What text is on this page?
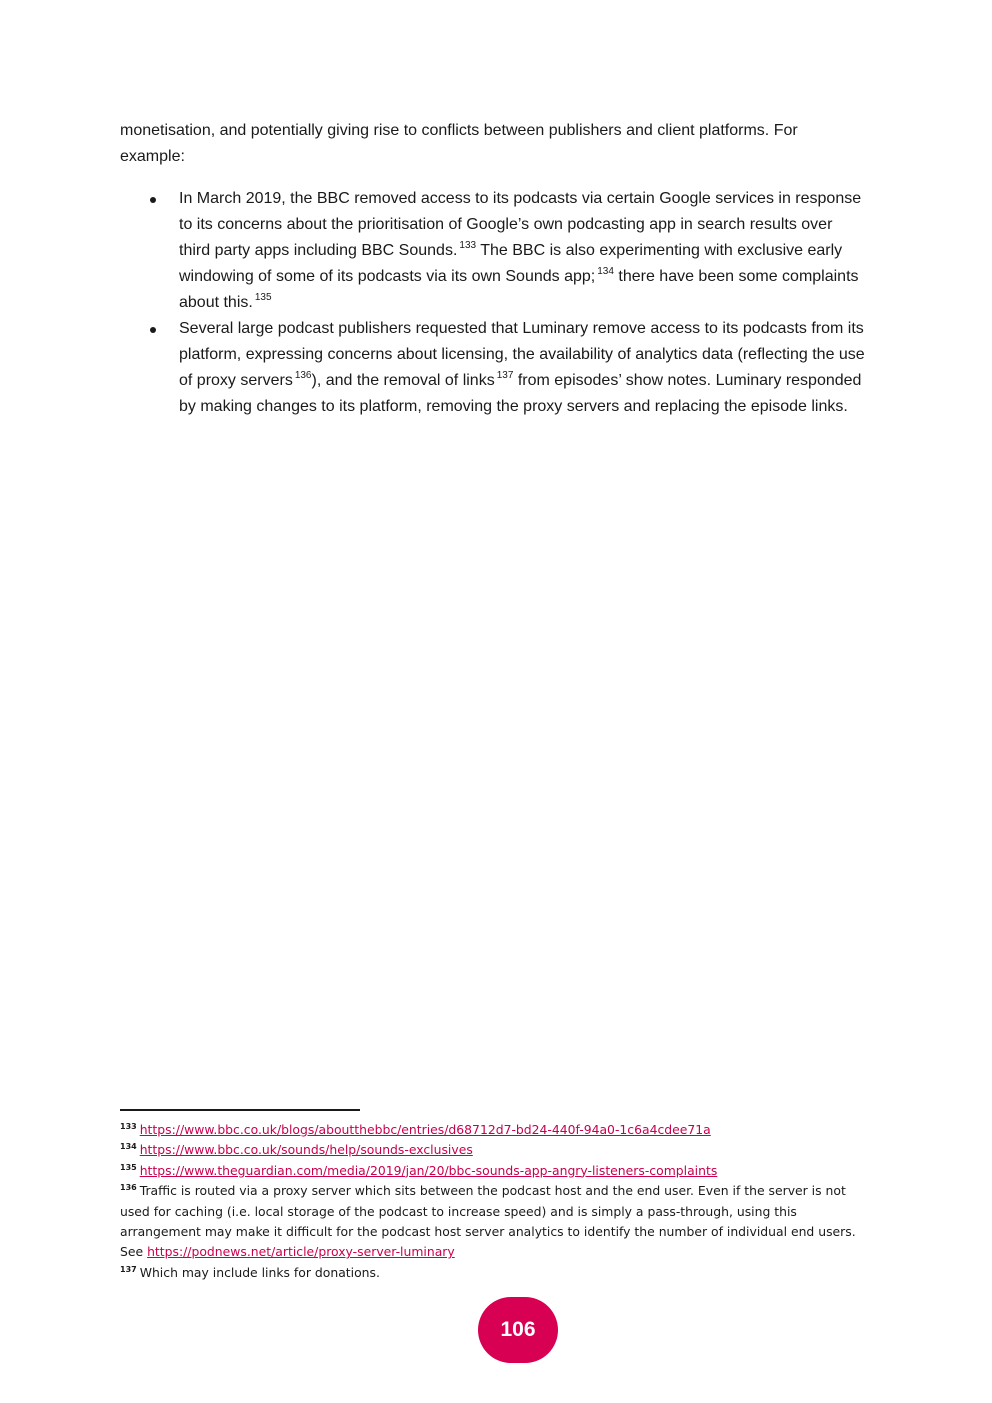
monetisation, and potentially giving rise to conflicts between publishers and client platforms. For example:

In March 2019, the BBC removed access to its podcasts via certain Google services in response to its concerns about the prioritisation of Google’s own podcasting app in search results over third party apps including BBC Sounds. $^{133}$ The BBC is also experimenting with exclusive early windowing of some of its podcasts via its own Sounds app; $^{134}$ there have been some complaints about this. $^{135}$
Several large podcast publishers requested that Luminary remove access to its podcasts from its platform, expressing concerns about licensing, the availability of analytics data (reflecting the use of proxy servers $^{136}$), and the removal of links $^{137}$ from episodes’ show notes. Luminary responded by making changes to its platform, removing the proxy servers and replacing the episode links.

$^{133}$ https://www.bbc.co.uk/blogs/aboutthebbc/entries/d68712d7-bd24-440f-94a0-1c6a4cdee71a

$^{134}$ https://www.bbc.co.uk/sounds/help/sounds-exclusives

$^{135}$ https://www.theguardian.com/media/2019/jan/20/bbc-sounds-app-angry-listeners-complaints

$^{136}$ Traffic is routed via a proxy server which sits between the podcast host and the end user. Even if the server is not used for caching (i.e. local storage of the podcast to increase speed) and is simply a pass-through, using this arrangement may make it difficult for the podcast host server analytics to identify the number of individual end users. See https://podnews.net/article/proxy-server-luminary

$^{137}$ Which may include links for donations.

106
